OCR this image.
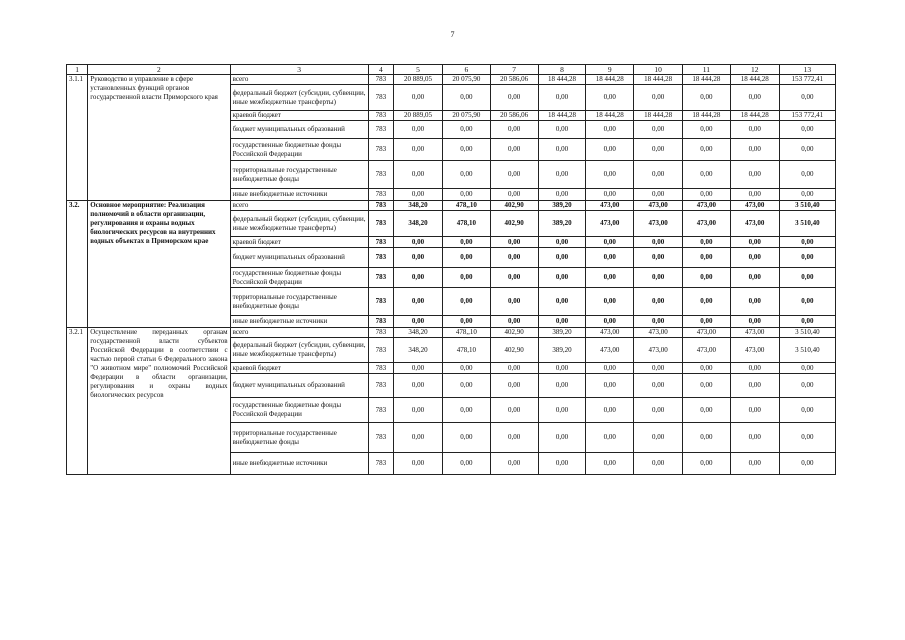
7
1	2	3	4	5	6	7	8	9	10	11	12	13
3.1.1	Руководство и управление в сфере установленных функций органов государственной власти Приморского края	всего	783	20 889,05	20 075,90	20 586,06	18 444,28	18 444,28	18 444,28	18 444,28	18 444,28	153 772,41
		федеральный бюджет (субсидии, субвенции, иные межбюджетные трансферты)	783	0,00	0,00	0,00	0,00	0,00	0,00	0,00	0,00	0,00
		краевой бюджет	783	20 889,05	20 075,90	20 586,06	18 444,28	18 444,28	18 444,28	18 444,28	18 444,28	153 772,41
		бюджет муниципальных образований	783	0,00	0,00	0,00	0,00	0,00	0,00	0,00	0,00	0,00
		государственные бюджетные фонды Российской Федерации	783	0,00	0,00	0,00	0,00	0,00	0,00	0,00	0,00	0,00
		территориальные государственные внебюджетные фонды	783	0,00	0,00	0,00	0,00	0,00	0,00	0,00	0,00	0,00
		иные внебюджетные источники	783	0,00	0,00	0,00	0,00	0,00	0,00	0,00	0,00	0,00
3.2.	Основное мероприятие: Реализация полномочий в области организации, регулирования и охраны водных биологических ресурсов на внутренних водных объектах в Приморском крае	всего	783	348,20	478,,10	402,90	389,20	473,00	473,00	473,00	473,00	3 510,40
		федеральный бюджет (субсидии, субвенции, иные межбюджетные трансферты)	783	348,20	478,10	402,90	389,20	473,00	473,00	473,00	473,00	3 510,40
		краевой бюджет	783	0,00	0,00	0,00	0,00	0,00	0,00	0,00	0,00	0,00
		бюджет муниципальных образований	783	0,00	0,00	0,00	0,00	0,00	0,00	0,00	0,00	0,00
		государственные бюджетные фонды Российской Федерации	783	0,00	0,00	0,00	0,00	0,00	0,00	0,00	0,00	0,00
		территориальные государственные внебюджетные фонды	783	0,00	0,00	0,00	0,00	0,00	0,00	0,00	0,00	0,00
		иные внебюджетные источники	783	0,00	0,00	0,00	0,00	0,00	0,00	0,00	0,00	0,00
3.2.1	Осуществление переданных органам государственной власти субъектов Российской Федерации в соответствии с частью первой статьи 6 Федерального закона "О животном мире" полномочий Российской Федерации в области организации, регулирования и охраны водных биологических ресурсов	всего	783	348,20	478,,10	402,90	389,20	473,00	473,00	473,00	473,00	3 510,40
		федеральный бюджет (субсидии, субвенции, иные межбюджетные трансферты)	783	348,20	478,10	402,90	389,20	473,00	473,00	473,00	473,00	3 510,40
		краевой бюджет	783	0,00	0,00	0,00	0,00	0,00	0,00	0,00	0,00	0,00
		бюджет муниципальных образований	783	0,00	0,00	0,00	0,00	0,00	0,00	0,00	0,00	0,00
		государственные бюджетные фонды Российской Федерации	783	0,00	0,00	0,00	0,00	0,00	0,00	0,00	0,00	0,00
		территориальные государственные внебюджетные фонды	783	0,00	0,00	0,00	0,00	0,00	0,00	0,00	0,00	0,00
		иные внебюджетные источники	783	0,00	0,00	0,00	0,00	0,00	0,00	0,00	0,00	0,00
